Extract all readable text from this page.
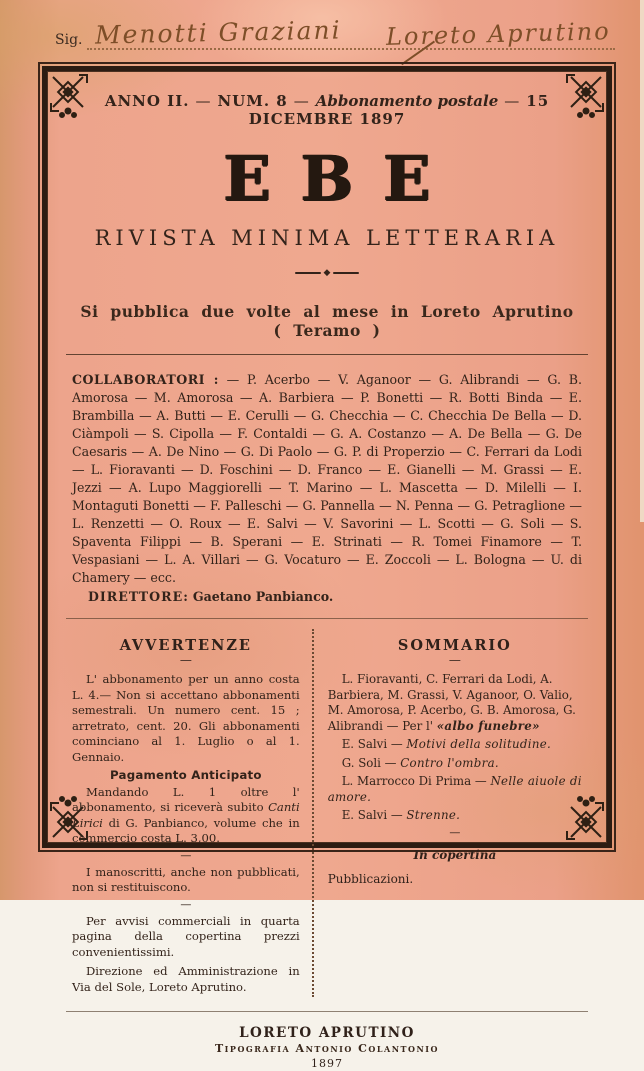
Sig. Menotti Graziani Loreto Aprutino
ANNO II. — NUM. 8 — Abbonamento postale — 15 DICEMBRE 1897
EBE
RIVISTA MINIMA LETTERARIA
◆
Si pubblica due volte al mese in Loreto Aprutino ( Teramo )
COLLABORATORI : — P. Acerbo — V. Aganoor — G. Alibrandi — G. B. Amorosa — M. Amorosa — A. Barbiera — P. Bonetti — R. Botti Binda — E. Brambilla — A. Butti — E. Cerulli — G. Checchia — C. Checchia De Bella — D. Ciàmpoli — S. Cipolla — F. Contaldi — G. A. Costanzo — A. De Bella — G. De Caesaris — A. De Nino — G. Di Paolo — G. P. di Properzio — C. Ferrari da Lodi — L. Fioravanti — D. Foschini — D. Franco — E. Gianelli — M. Grassi — E. Jezzi — A. Lupo Maggiorelli — T. Marino — L. Mascetta — D. Milelli — I. Montaguti Bonetti — F. Palleschi — G. Pannella — N. Penna — G. Petraglione — L. Renzetti — O. Roux — E. Salvi — V. Savorini — L. Scotti — G. Soli — S. Spaventa Filippi — B. Sperani — E. Strinati — R. Tomei Finamore — T. Vespasiani — L. A. Villari — G. Vocaturo — E. Zoccoli — L. Bologna — U. di Chamery — ecc.
DIRETTORE: Gaetano Panbianco.
AVVERTENZE
—

L' abbonamento per un anno costa L. 4.— Non si accettano abbonamenti semestrali. Un numero cent. 15 ; arretrato, cent. 20. Gli abbonamenti cominciano al 1. Luglio o al 1. Gennaio.

Pagamento Anticipato

Mandando L. 1 oltre l' abbonamento, si riceverà subito Canti Lirici di G. Panbianco, volume che in commercio costa L. 3,00.

—

I manoscritti, anche non pubblicati, non si restituiscono.

—

Per avvisi commerciali in quarta pagina della copertina prezzi convenientissimi.

Direzione ed Amministrazione in Via del Sole, Loreto Aprutino.

SOMMARIO
—
L. Fioravanti, C. Ferrari da Lodi, A. Barbiera, M. Grassi, V. Aganoor, O. Valio, M. Amorosa, P. Acerbo, G. B. Amorosa, G. Alibrandi — Per l' «albo funebre»
E. Salvi — Motivi della solitudine.
G. Soli — Contro l'ombra.
L. Marrocco Di Prima — Nelle aiuole di amore.
E. Salvi — Strenne.
—
In copertina
Pubblicazioni.
LORETO APRUTINO
Tipografia Antonio Colantonio
1897
